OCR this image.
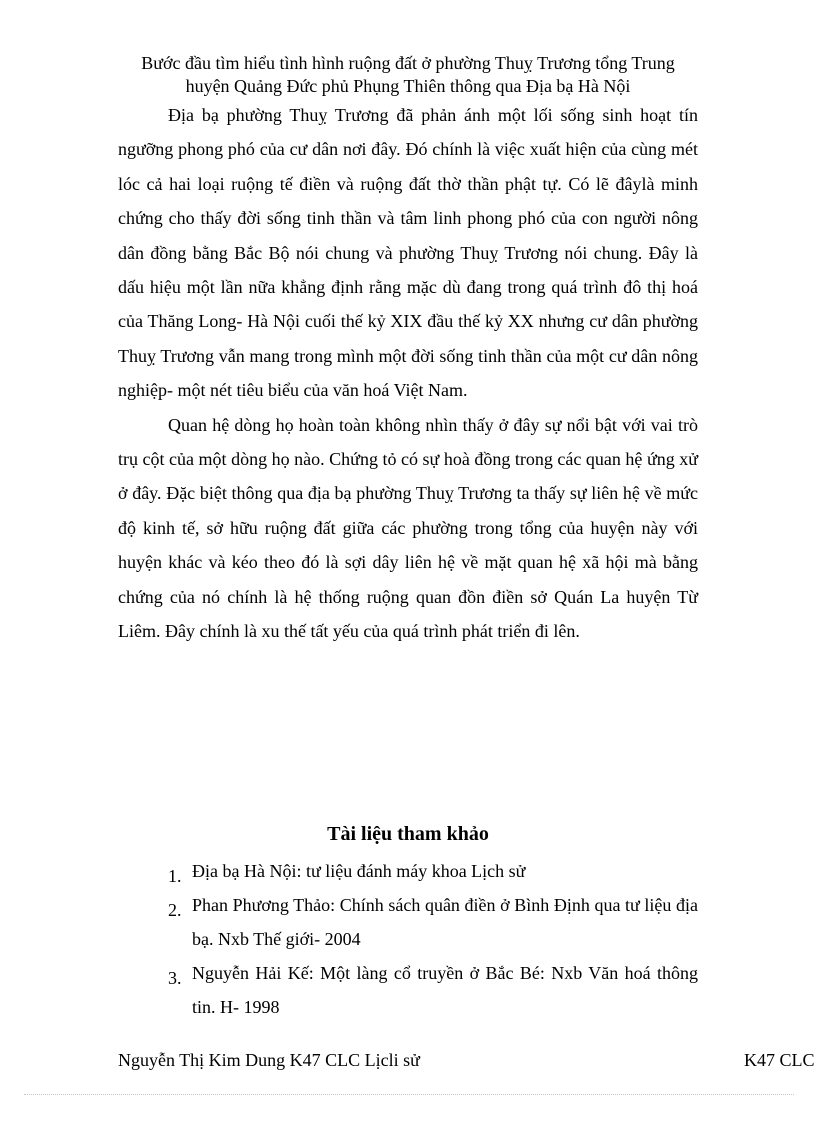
Bước đầu tìm hiểu tình hình ruộng đất ở phường Thuỵ Trương tổng Trung
huyện Quảng Đức phủ Phụng Thiên thông qua Địa bạ Hà Nội

Địa bạ phường Thuỵ Trương đã phản ánh một lối sống sinh hoạt tín ngưỡng phong phó của cư dân nơi đây. Đó chính là việc xuất hiện của cùng mét lóc cả hai loại ruộng tế điền và ruộng đất thờ thần phật tự. Có lẽ đâylà minh chứng cho thấy đời sống tinh thần và tâm linh phong phó của con người nông dân đồng bằng Bắc Bộ nói chung và phường Thuỵ Trương nói chung. Đây là dấu hiệu một lần nữa khẳng định rằng mặc dù đang trong quá trình đô thị hoá của Thăng Long- Hà Nội cuối thế kỷ XIX đầu thế kỷ XX nhưng cư dân phường Thuỵ Trương vẫn mang trong mình một đời sống tinh thần của một cư dân nông nghiệp- một nét tiêu biểu của văn hoá Việt Nam.

Quan hệ dòng họ hoàn toàn không nhìn thấy ở đây sự nổi bật với vai trò trụ cột của một dòng họ nào. Chứng tỏ có sự hoà đồng trong các quan hệ ứng xử ở đây. Đặc biệt thông qua địa bạ phường Thuỵ Trương ta thấy sự liên hệ về mức độ kinh tế, sở hữu ruộng đất giữa các phường trong tổng của huyện này với huyện khác và kéo theo đó là sợi dây liên hệ về mặt quan hệ xã hội mà bằng chứng của nó chính là hệ thống ruộng quan đồn điền sở Quán La huyện Từ Liêm. Đây chính là xu thế tất yếu của quá trình phát triển đi lên.

Tài liệu tham khảo
1. Địa bạ Hà Nội: tư liệu đánh máy khoa Lịch sử
2. Phan Phương Thảo: Chính sách quân điền ở Bình Định qua tư liệu địa bạ. Nxb Thế giới- 2004
3. Nguyễn Hải Kế: Một làng cổ truyền ở Bắc Bé: Nxb Văn hoá thông tin. H- 1998
Nguyễn Thị Kim Dung K47 CLC Lịcli sử	K47 CLC
